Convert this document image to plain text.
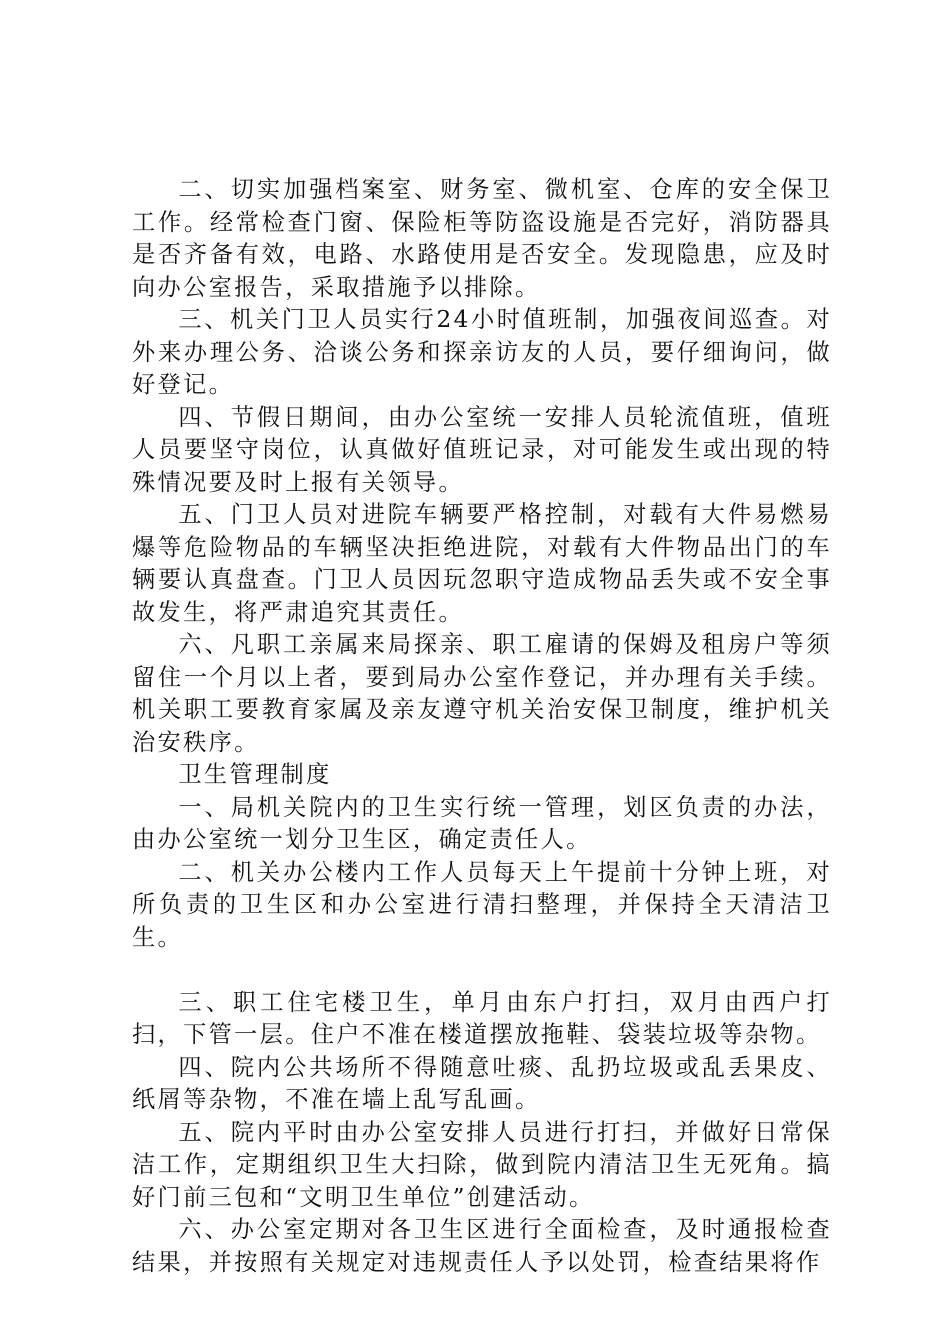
二、切实加强档案室、财务室、微机室、仓库的安全保卫工作。经常检查门窗、保险柜等防盗设施是否完好，消防器具是否齐备有效，电路、水路使用是否安全。发现隐患，应及时向办公室报告，采取措施予以排除。

三、机关门卫人员实行24小时值班制，加强夜间巡查。对外来办理公务、洽谈公务和探亲访友的人员，要仔细询问，做好登记。

四、节假日期间，由办公室统一安排人员轮流值班，值班人员要坚守岗位，认真做好值班记录，对可能发生或出现的特殊情况要及时上报有关领导。

五、门卫人员对进院车辆要严格控制，对载有大件易燃易爆等危险物品的车辆坚决拒绝进院，对载有大件物品出门的车辆要认真盘查。门卫人员因玩忽职守造成物品丢失或不安全事故发生，将严肃追究其责任。

六、凡职工亲属来局探亲、职工雇请的保姆及租房户等须留住一个月以上者，要到局办公室作登记，并办理有关手续。机关职工要教育家属及亲友遵守机关治安保卫制度，维护机关治安秩序。

卫生管理制度

一、局机关院内的卫生实行统一管理，划区负责的办法，由办公室统一划分卫生区，确定责任人。

二、机关办公楼内工作人员每天上午提前十分钟上班，对所负责的卫生区和办公室进行清扫整理，并保持全天清洁卫生。

三、职工住宅楼卫生，单月由东户打扫，双月由西户打扫，下管一层。住户不准在楼道摆放拖鞋、袋装垃圾等杂物。

四、院内公共场所不得随意吐痰、乱扔垃圾或乱丢果皮、纸屑等杂物，不准在墙上乱写乱画。

五、院内平时由办公室安排人员进行打扫，并做好日常保洁工作，定期组织卫生大扫除，做到院内清洁卫生无死角。搞好门前三包和“文明卫生单位”创建活动。

六、办公室定期对各卫生区进行全面检查，及时通报检查结果，并按照有关规定对违规责任人予以处罚，检查结果将作
